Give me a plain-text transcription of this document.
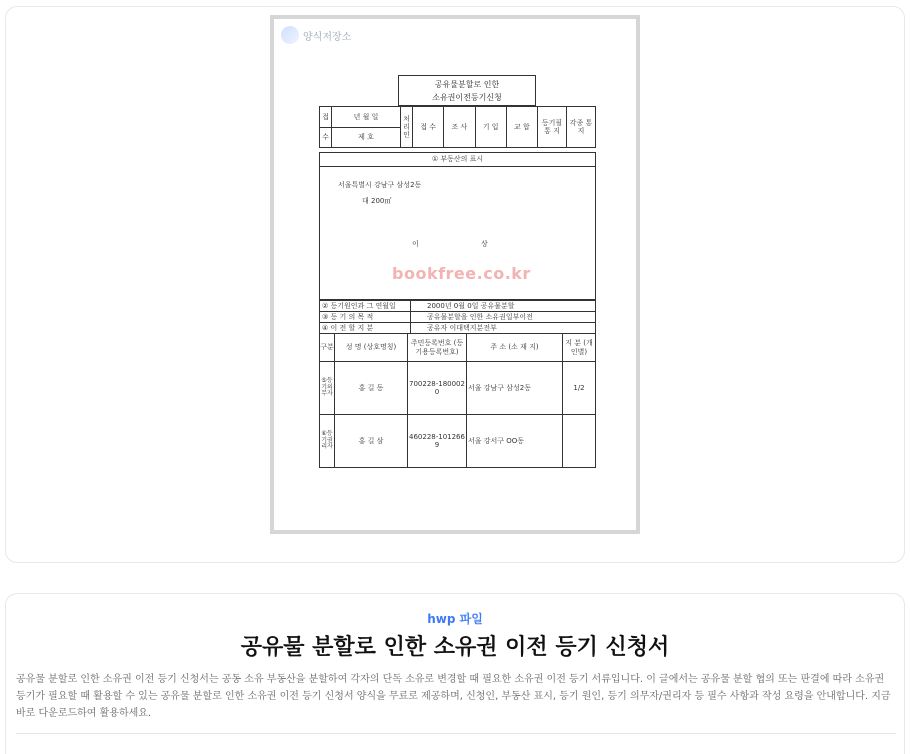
양식저장소
공유물분할로 인한
소유권이전등기신청
접	년 월 일	처리인	접 수	조 사	기 입	교 합	등기필 통 지	각종 통지
수	제 호							
① 부동산의 표시
서울특별시 강남구 삼성2동
대 200㎡
이 상
bookfree.co.kr
② 등기원인과 그 연월일	2000년 0월 0일 공유물분할
③ 등 기 의 목 적	공유물분할을 인한 소유권일부이전
④ 이 전 할 지 분	공유자 이대택지분전부
구분	성 명 (상호명칭)	주민등록번호 (등기용등록번호)	주 소 (소 재 지)	지 분 (개인별)
⑤등기의무자	홍 길 동	700228-1800020	서울 강남구 삼성2동	1/2
⑥등기권리자	홍 길 삼	460228-1012669	서울 강서구 OO동	
hwp 파일
공유물 분할로 인한 소유권 이전 등기 신청서
공유물 분할로 인한 소유권 이전 등기 신청서는 공동 소유 부동산을 분할하여 각자의 단독 소유로 변경할 때 필요한 소유권 이전 등기 서류입니다. 이 글에서는 공유물 분할 협의 또는 판결에 따라 소유권 등기가 필요할 때 활용할 수 있는 공유물 분할로 인한 소유권 이전 등기 신청서 양식을 무료로 제공하며, 신청인, 부동산 표시, 등기 원인, 등기 의무자/권리자 등 필수 사항과 작성 요령을 안내합니다. 지금 바로 다운로드하여 활용하세요.
